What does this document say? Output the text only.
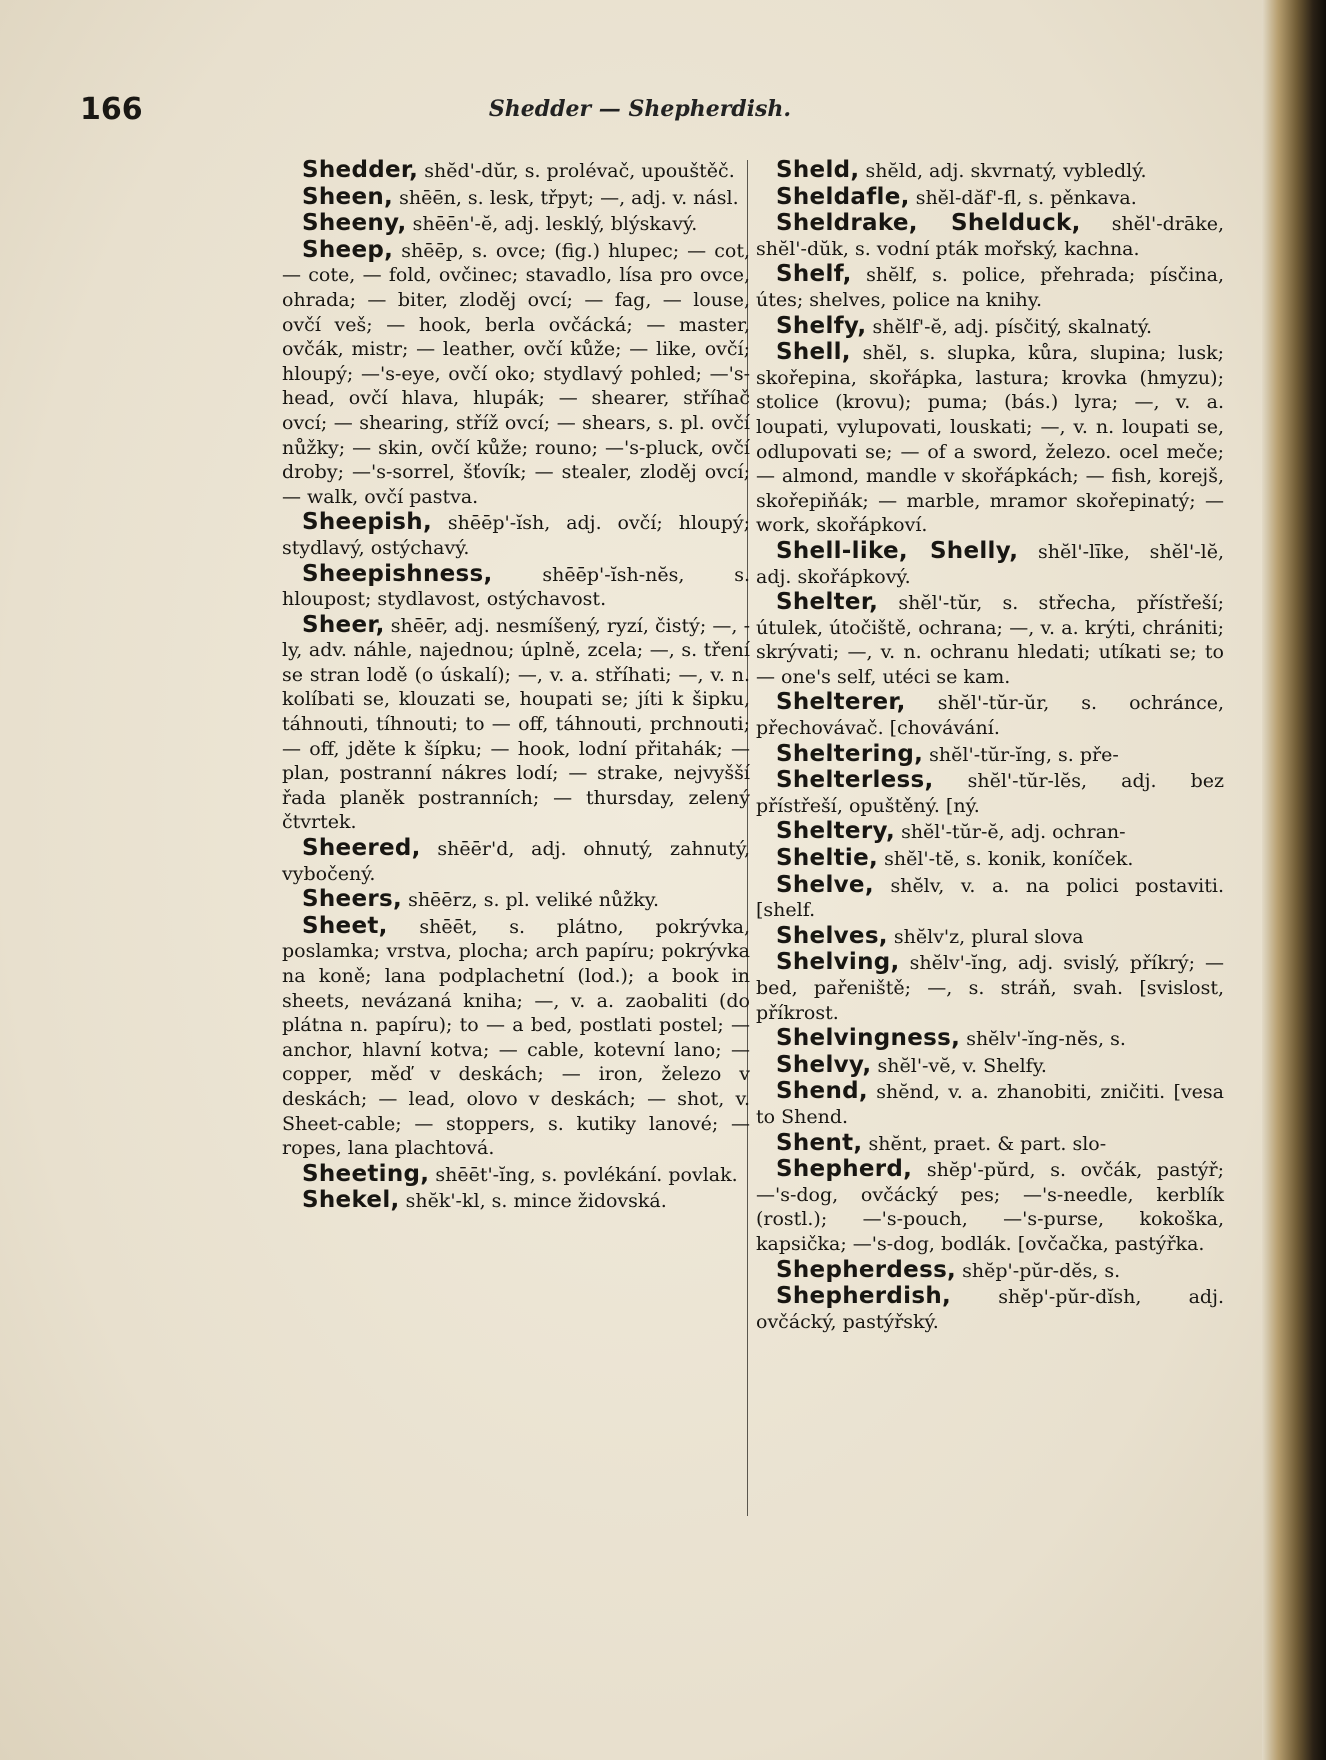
166	Shedder — Shepherdish.
Shedder, shĕd'-dŭr, s. prolévač, upouštěč.
Sheen, shēēn, s. lesk, třpyt; —, adj. v. násl.
Sheeny, shēēn'-ĕ, adj. lesklý, blýskavý.
Sheep, shēēp, s. ovce; (fig.) hlupec; — cot, — cote, — fold, ovčinec; stavadlo, lísa pro ovce, ohrada; — biter, zloděj ovcí; — fag, — louse, ovčí veš; — hook, berla ovčácká; — master, ovčák, mistr; — leather, ovčí kůže; — like, ovčí; hloupý; —'s-eye, ovčí oko; stydlavý pohled; —'s-head, ovčí hlava, hlupák; — shearer, stříhač ovcí; — shearing, stříž ovcí; — shears, s. pl. ovčí nůžky; — skin, ovčí kůže; rouno; —'s-pluck, ovčí droby; —'s-sorrel, šťovík; — stealer, zloděj ovcí; — walk, ovčí pastva.
Sheepish, shēēp'-ĭsh, adj. ovčí; hloupý; stydlavý, ostýchavý.
Sheepishness,	shēēp'-ĭsh-nĕs, s. hloupost; stydlavost, ostýchavost.
Sheer, shēēr, adj. nesmíšený, ryzí, čistý; —, -ly, adv. náhle, najednou; úplně, zcela; —, s. tření se stran lodě (o úskalí); —, v. a. stříhati; —, v. n. kolíbati se, klouzati se, houpati se; jíti k šipku, táhnouti, tíhnouti; to — off, táhnouti, prchnouti; — off, jděte k šípku; — hook, lodní přitahák; — plan, postranní nákres lodí; — strake, nejvyšší řada planěk postranních; — thursday, zelený čtvrtek.
Sheered, shēēr'd, adj. ohnutý, zahnutý, vybočený.
Sheers, shēērz, s. pl. veliké nůžky.
Sheet, shēēt, s. plátno, pokrývka, poslamka; vrstva, plocha; arch papíru; pokrývka na koně; lana podplachetní (lod.); a book in sheets, nevázaná kniha; —, v. a. zaobaliti (do plátna n. papíru); to — a bed, postlati postel; — anchor, hlavní kotva; — cable, kotevní lano; — copper, měď v deskách; — iron, železo v deskách; — lead, olovo v deskách; — shot, v. Sheet-cable; — stoppers, s. kutiky lanové; — ropes, lana plachtová.
Sheeting, shēēt'-ĭng, s. povlékání. povlak.
Shekel, shĕk'-kl, s. mince židovská.
Sheld, shĕld, adj. skvrnatý, vybledlý.
Sheldafle, shĕl-dăf'-fl, s. pěnkava.
Sheldrake, Shelduck, shĕl'-drāke, shĕl'-dŭk, s. vodní pták mořský, kachna.
Shelf, shĕlf, s. police, přehrada; písčina, útes; shelves, police na knihy.
Shelfy, shĕlf'-ĕ, adj. písčitý, skalnatý.
Shell, shĕl, s. slupka, kůra, slupina; lusk; skořepina, skořápka, lastura; krovka (hmyzu); stolice (krovu); puma; (bás.) lyra; —, v. a. loupati, vylupovati, louskati; —, v. n. loupati se, odlupovati se; — of a sword, železo. ocel meče; — almond, mandle v skořápkách; — fish, korejš, skořepiňák; — marble, mramor skořepinatý; — work, skořápkoví.
Shell-like, Shelly, shĕl'-līke, shĕl'-lĕ, adj. skořápkový.
Shelter, shĕl'-tŭr, s. střecha, přístřeší; útulek, útočiště, ochrana; —, v. a. krýti, chrániti; skrývati; —, v. n. ochranu hledati; utíkati se; to — one's self, utéci se kam.
Shelterer, shĕl'-tŭr-ŭr, s. ochránce, přechovávač. [chovávání.
Sheltering, shĕl'-tŭr-ĭng, s. pře-
Shelterless, shĕl'-tŭr-lĕs, adj. bez přístřeší, opuštěný. [ný.
Sheltery, shĕl'-tŭr-ĕ, adj. ochran-
Sheltie, shĕl'-tĕ, s. konik, koníček.
Shelve, shĕlv, v. a. na polici postaviti. [shelf.
Shelves, shĕlv'z, plural slova
Shelving, shĕlv'-ĭng, adj. svislý, příkrý; — bed, pařeniště; —, s. stráň, svah. [svislost, příkrost.
Shelvingness, shĕlv'-ĭng-nĕs, s.
Shelvy, shĕl'-vĕ, v. Shelfy.
Shend, shĕnd, v. a. zhanobiti, zničiti. [vesa to Shend.
Shent, shĕnt, praet. & part. slo-
Shepherd, shĕp'-pŭrd, s. ovčák, pastýř; —'s-dog, ovčácký pes; —'s-needle, kerblík (rostl.); —'s-pouch, —'s-purse, kokoška, kapsička; —'s-dog, bodlák. [ovčačka, pastýřka.
Shepherdess, shĕp'-pŭr-dĕs, s.
Shepherdish, shĕp'-pŭr-dĭsh, adj. ovčácký, pastýřský.
